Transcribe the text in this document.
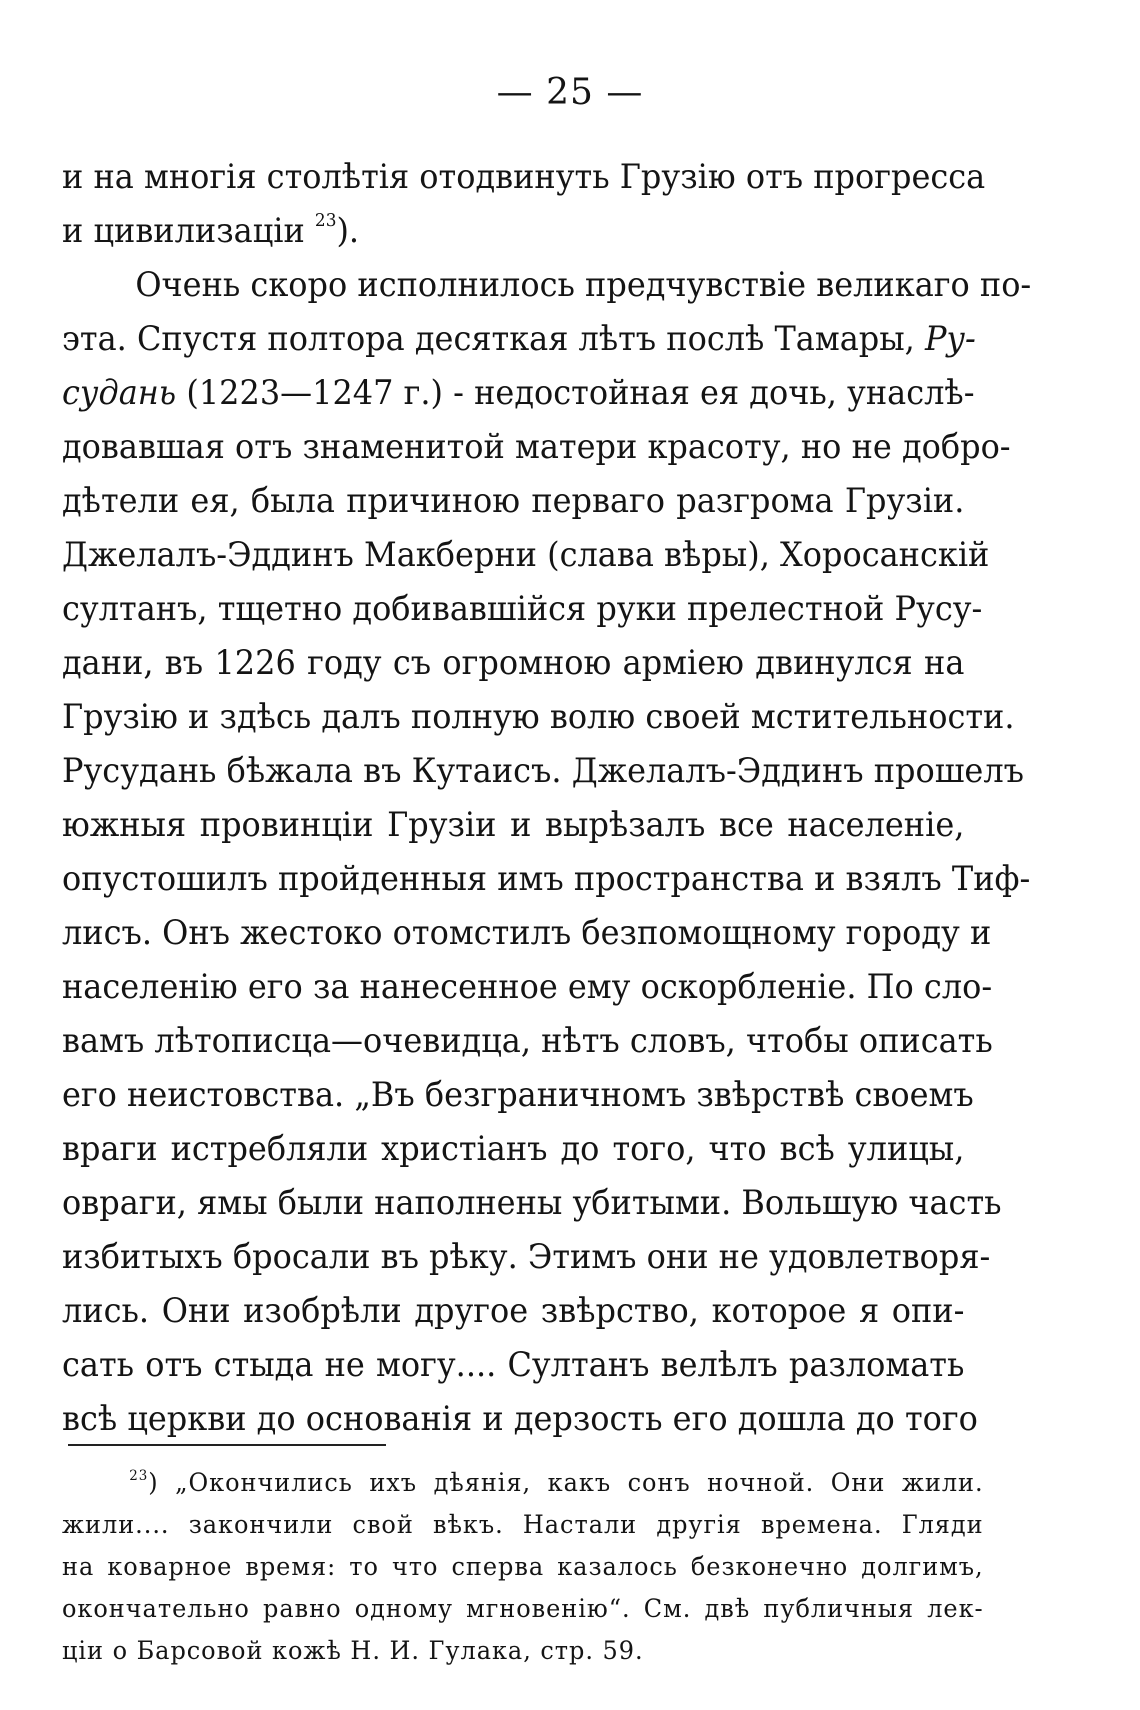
— 25 —
и на многія столѣтія отодвинуть Грузію отъ прогресса
и цивилизаціи $^{23}$).
Очень скоро исполнилось предчувствіе великаго по-
эта. Спустя полтора десяткая лѣтъ послѣ Тамары, Ру-
судань (1223—1247 г.) - недостойная ея дочь, унаслѣ-
довавшая отъ знаменитой матери красоту, но не добро-
дѣтели ея, была причиною перваго разгрома Грузіи.
Джелалъ-Эддинъ Макберни (слава вѣры), Хоросанскій
султанъ, тщетно добивавшійся руки прелестной Русу-
дани, въ 1226 году съ огромною арміею двинулся на
Грузію и здѣсь далъ полную волю своей мстительности.
Русудань бѣжала въ Кутаисъ. Джелалъ-Эддинъ прошелъ
южныя провинціи Грузіи и вырѣзалъ все населеніе,
опустошилъ пройденныя имъ пространства и взялъ Тиф-
лисъ. Онъ жестоко отомстилъ безпомощному городу и
населенію его за нанесенное ему оскорбленіе. По сло-
вамъ лѣтописца—очевидца, нѣтъ словъ, чтобы описать
его неистовства. „Въ безграничномъ звѣрствѣ своемъ
враги истребляли христіанъ до того, что всѣ улицы,
овраги, ямы были наполнены убитыми. Вольшую часть
избитыхъ бросали въ рѣку. Этимъ они не удовлетворя-
лись. Они изобрѣли другое звѣрство, которое я опи-
сать отъ стыда не могу.... Султанъ велѣлъ разломать
всѣ церкви до основанія и дерзость его дошла до того
$^{23}$) „Окончились ихъ дѣянія, какъ сонъ ночной. Они жили.
жили.... закончили свой вѣкъ. Настали другія времена. Гляди
на коварное время: то что сперва казалось безконечно долгимъ,
окончательно равно одному мгновенію“. См. двѣ публичныя лек-
ціи о Барсовой кожѣ Н. И. Гулака, стр. 59.
